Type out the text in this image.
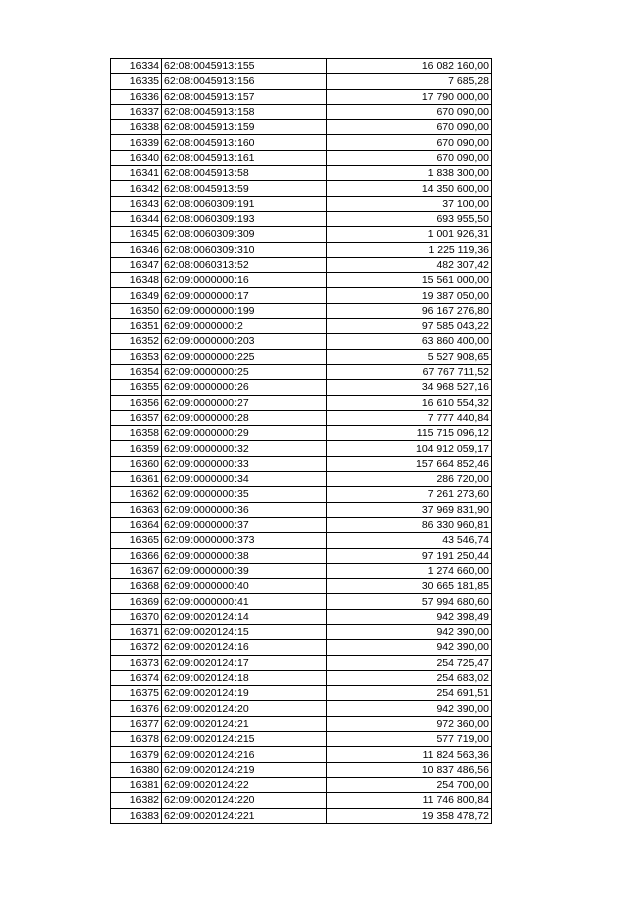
16334	62:08:0045913:155	16 082 160,00
16335	62:08:0045913:156	7 685,28
16336	62:08:0045913:157	17 790 000,00
16337	62:08:0045913:158	670 090,00
16338	62:08:0045913:159	670 090,00
16339	62:08:0045913:160	670 090,00
16340	62:08:0045913:161	670 090,00
16341	62:08:0045913:58	1 838 300,00
16342	62:08:0045913:59	14 350 600,00
16343	62:08:0060309:191	37 100,00
16344	62:08:0060309:193	693 955,50
16345	62:08:0060309:309	1 001 926,31
16346	62:08:0060309:310	1 225 119,36
16347	62:08:0060313:52	482 307,42
16348	62:09:0000000:16	15 561 000,00
16349	62:09:0000000:17	19 387 050,00
16350	62:09:0000000:199	96 167 276,80
16351	62:09:0000000:2	97 585 043,22
16352	62:09:0000000:203	63 860 400,00
16353	62:09:0000000:225	5 527 908,65
16354	62:09:0000000:25	67 767 711,52
16355	62:09:0000000:26	34 968 527,16
16356	62:09:0000000:27	16 610 554,32
16357	62:09:0000000:28	7 777 440,84
16358	62:09:0000000:29	115 715 096,12
16359	62:09:0000000:32	104 912 059,17
16360	62:09:0000000:33	157 664 852,46
16361	62:09:0000000:34	286 720,00
16362	62:09:0000000:35	7 261 273,60
16363	62:09:0000000:36	37 969 831,90
16364	62:09:0000000:37	86 330 960,81
16365	62:09:0000000:373	43 546,74
16366	62:09:0000000:38	97 191 250,44
16367	62:09:0000000:39	1 274 660,00
16368	62:09:0000000:40	30 665 181,85
16369	62:09:0000000:41	57 994 680,60
16370	62:09:0020124:14	942 398,49
16371	62:09:0020124:15	942 390,00
16372	62:09:0020124:16	942 390,00
16373	62:09:0020124:17	254 725,47
16374	62:09:0020124:18	254 683,02
16375	62:09:0020124:19	254 691,51
16376	62:09:0020124:20	942 390,00
16377	62:09:0020124:21	972 360,00
16378	62:09:0020124:215	577 719,00
16379	62:09:0020124:216	11 824 563,36
16380	62:09:0020124:219	10 837 486,56
16381	62:09:0020124:22	254 700,00
16382	62:09:0020124:220	11 746 800,84
16383	62:09:0020124:221	19 358 478,72
